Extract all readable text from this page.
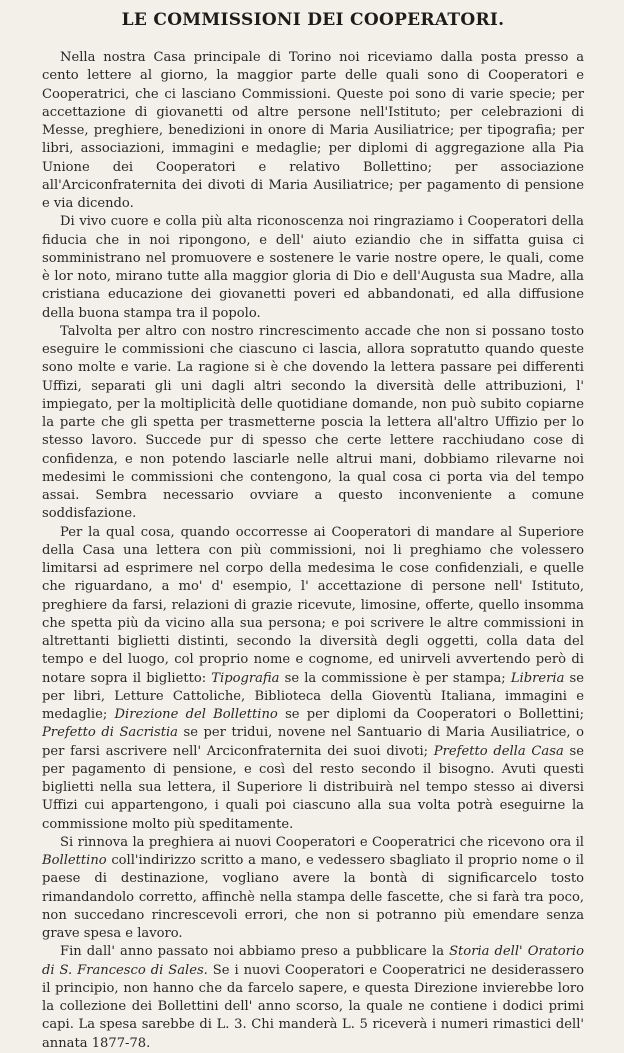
LE COMMISSIONI DEI COOPERATORI.

Nella nostra Casa principale di Torino noi riceviamo dalla posta presso a cento lettere al giorno, la maggior parte delle quali sono di Cooperatori e Cooperatrici, che ci lasciano Commissioni. Queste poi sono di varie specie; per accettazione di giovanetti od altre persone nell'Istituto; per celebrazioni di Messe, preghiere, benedizioni in onore di Maria Ausiliatrice; per tipografia; per libri, associazioni, immagini e medaglie; per diplomi di aggregazione alla Pia Unione dei Cooperatori e relativo Bollettino; per associazione all'Arciconfraternita dei divoti di Maria Ausiliatrice; per pagamento di pensione e via dicendo.

Di vivo cuore e colla più alta riconoscenza noi ringraziamo i Cooperatori della fiducia che in noi ripongono, e dell' aiuto eziandio che in siffatta guisa ci somministrano nel promuovere e sostenere le varie nostre opere, le quali, come è lor noto, mirano tutte alla maggior gloria di Dio e dell'Augusta sua Madre, alla cristiana educazione dei giovanetti poveri ed abbandonati, ed alla diffusione della buona stampa tra il popolo.

Talvolta per altro con nostro rincrescimento accade che non si possano tosto eseguire le commissioni che ciascuno ci lascia, allora sopratutto quando queste sono molte e varie. La ragione si è che dovendo la lettera passare pei differenti Uffizi, separati gli uni dagli altri secondo la diversità delle attribuzioni, l' impiegato, per la moltiplicità delle quotidiane domande, non può subito copiarne la parte che gli spetta per trasmetterne poscia la lettera all'altro Uffizio per lo stesso lavoro. Succede pur di spesso che certe lettere racchiudano cose di confidenza, e non potendo lasciarle nelle altrui mani, dobbiamo rilevarne noi medesimi le commissioni che contengono, la qual cosa ci porta via del tempo assai. Sembra necessario ovviare a questo inconveniente a comune soddisfazione.

Per la qual cosa, quando occorresse ai Cooperatori di mandare al Superiore della Casa una lettera con più commissioni, noi li preghiamo che volessero limitarsi ad esprimere nel corpo della medesima le cose confidenziali, e quelle che riguardano, a mo' d' esempio, l' accettazione di persone nell' Istituto, preghiere da farsi, relazioni di grazie ricevute, limosine, offerte, quello insomma che spetta più da vicino alla sua persona; e poi scrivere le altre commissioni in altrettanti biglietti distinti, secondo la diversità degli oggetti, colla data del tempo e del luogo, col proprio nome e cognome, ed unirveli avvertendo però di notare sopra il biglietto: Tipografia se la commissione è per stampa; Libreria se per libri, Letture Cattoliche, Biblioteca della Gioventù Italiana, immagini e medaglie; Direzione del Bollettino se per diplomi da Cooperatori o Bollettini; Prefetto di Sacristia se per tridui, novene nel Santuario di Maria Ausiliatrice, o per farsi ascrivere nell' Arciconfraternita dei suoi divoti; Prefetto della Casa se per pagamento di pensione, e così del resto secondo il bisogno. Avuti questi biglietti nella sua lettera, il Superiore li distribuirà nel tempo stesso ai diversi Uffizi cui appartengono, i quali poi ciascuno alla sua volta potrà eseguirne la commissione molto più speditamente.

Si rinnova la preghiera ai nuovi Cooperatori e Cooperatrici che ricevono ora il Bollettino coll'indirizzo scritto a mano, e vedessero sbagliato il proprio nome o il paese di destinazione, vogliano avere la bontà di significarcelo tosto rimandandolo corretto, affinchè nella stampa delle fascette, che si farà tra poco, non succedano rincrescevoli errori, che non si potranno più emendare senza grave spesa e lavoro.

Fin dall' anno passato noi abbiamo preso a pubblicare la Storia dell' Oratorio di S. Francesco di Sales. Se i nuovi Cooperatori e Cooperatrici ne desiderassero il principio, non hanno che da farcelo sapere, e questa Direzione invierebbe loro la collezione dei Bollettini dell' anno scorso, la quale ne contiene i dodici primi capi. La spesa sarebbe di L. 3. Chi manderà L. 5 riceverà i numeri rimastici dell' annata 1877-78.
